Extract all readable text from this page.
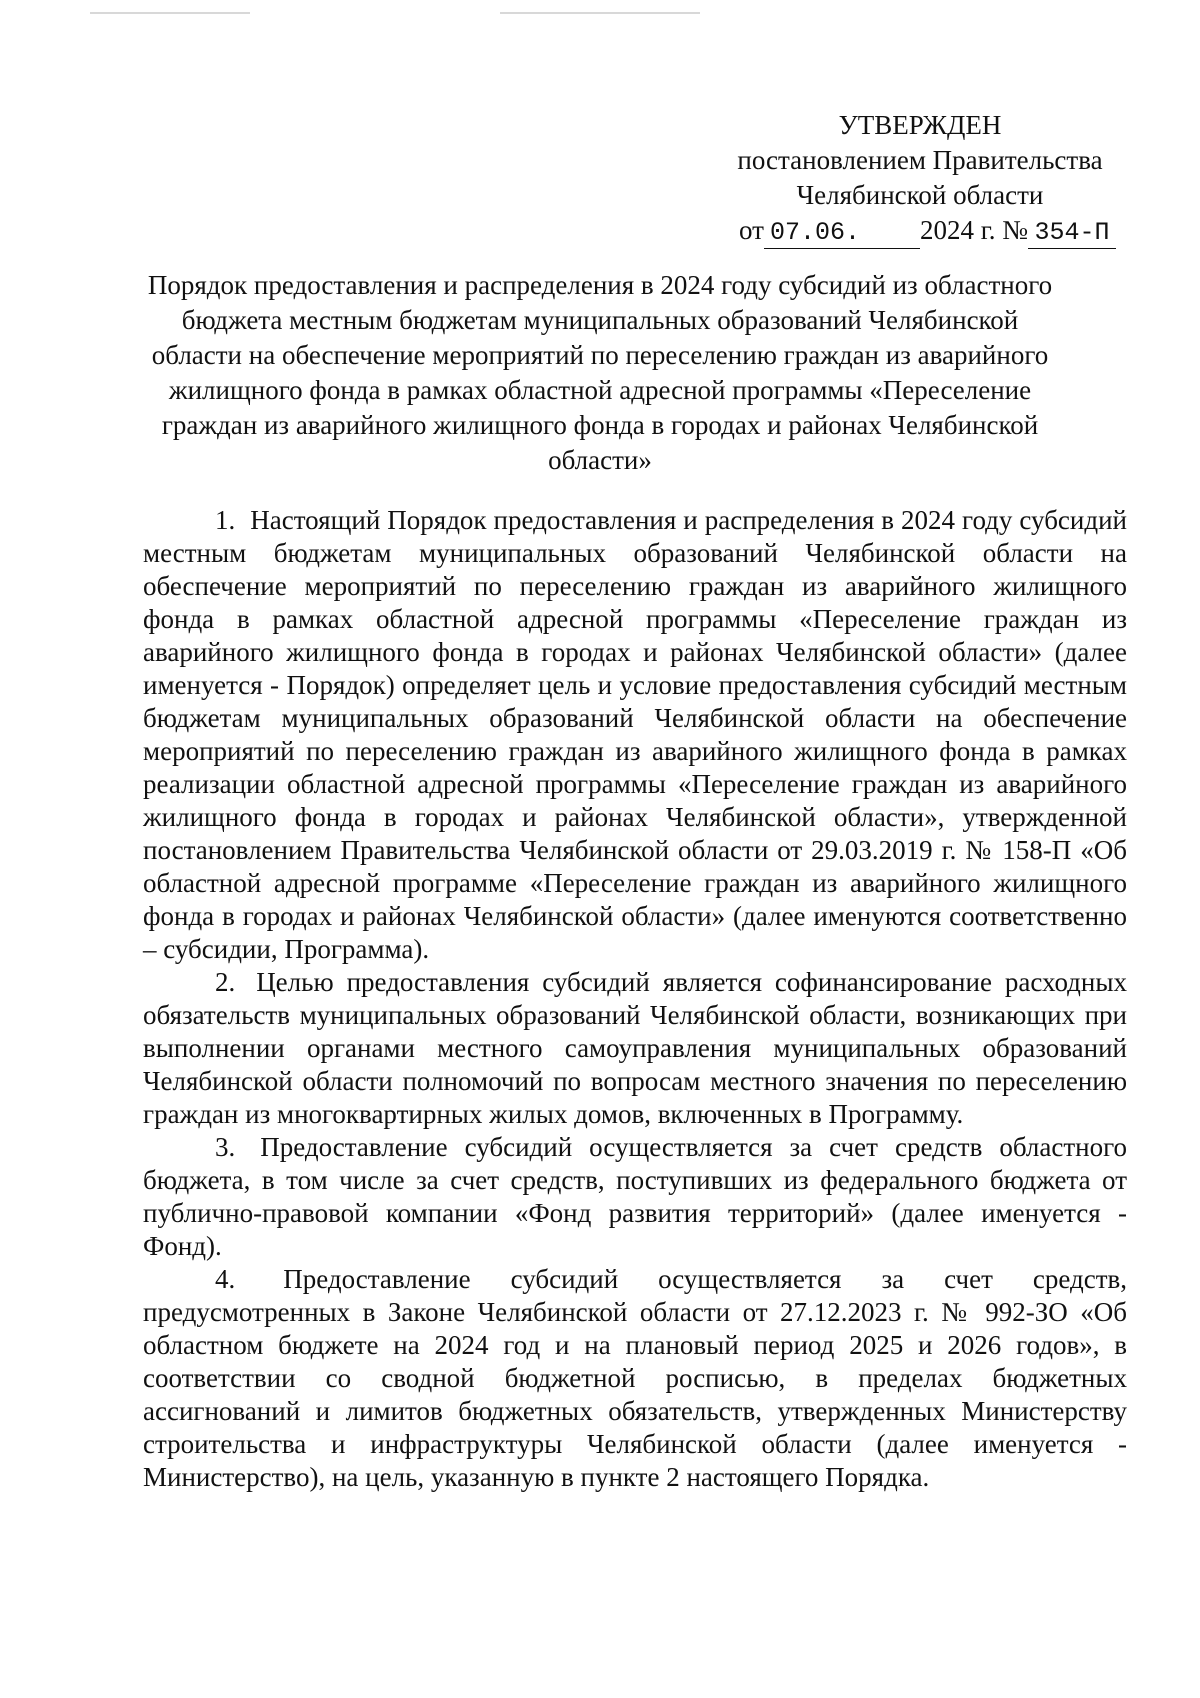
УТВЕРЖДЕН
постановлением Правительства
Челябинской области
от 07.06. 2024 г. № 354-П
Порядок предоставления и распределения в 2024 году субсидий из областного
бюджета местным бюджетам муниципальных образований Челябинской
области на обеспечение мероприятий по переселению граждан из аварийного
жилищного фонда в рамках областной адресной программы «Переселение
граждан из аварийного жилищного фонда в городах и районах Челябинской
области»

1. Настоящий Порядок предоставления и распределения в 2024 году субсидий местным бюджетам муниципальных образований Челябинской области на обеспечение мероприятий по переселению граждан из аварийного жилищного фонда в рамках областной адресной программы «Переселение граждан из аварийного жилищного фонда в городах и районах Челябинской области» (далее именуется - Порядок) определяет цель и условие предоставления субсидий местным бюджетам муниципальных образований Челябинской области на обеспечение мероприятий по переселению граждан из аварийного жилищного фонда в рамках реализации областной адресной программы «Переселение граждан из аварийного жилищного фонда в городах и районах Челябинской области», утвержденной постановлением Правительства Челябинской области от 29.03.2019 г. № 158-П «Об областной адресной программе «Переселение граждан из аварийного жилищного фонда в городах и районах Челябинской области» (далее именуются соответственно – субсидии, Программа).

2. Целью предоставления субсидий является софинансирование расходных обязательств муниципальных образований Челябинской области, возникающих при выполнении органами местного самоуправления муниципальных образований Челябинской области полномочий по вопросам местного значения по переселению граждан из многоквартирных жилых домов, включенных в Программу.

3. Предоставление субсидий осуществляется за счет средств областного бюджета, в том числе за счет средств, поступивших из федерального бюджета от публично-правовой компании «Фонд развития территорий» (далее именуется - Фонд).

4. Предоставление субсидий осуществляется за счет средств, предусмотренных в Законе Челябинской области от 27.12.2023 г. № 992-ЗО «Об областном бюджете на 2024 год и на плановый период 2025 и 2026 годов», в соответствии со сводной бюджетной росписью, в пределах бюджетных ассигнований и лимитов бюджетных обязательств, утвержденных Министерству строительства и инфраструктуры Челябинской области (далее именуется - Министерство), на цель, указанную в пункте 2 настоящего Порядка.
